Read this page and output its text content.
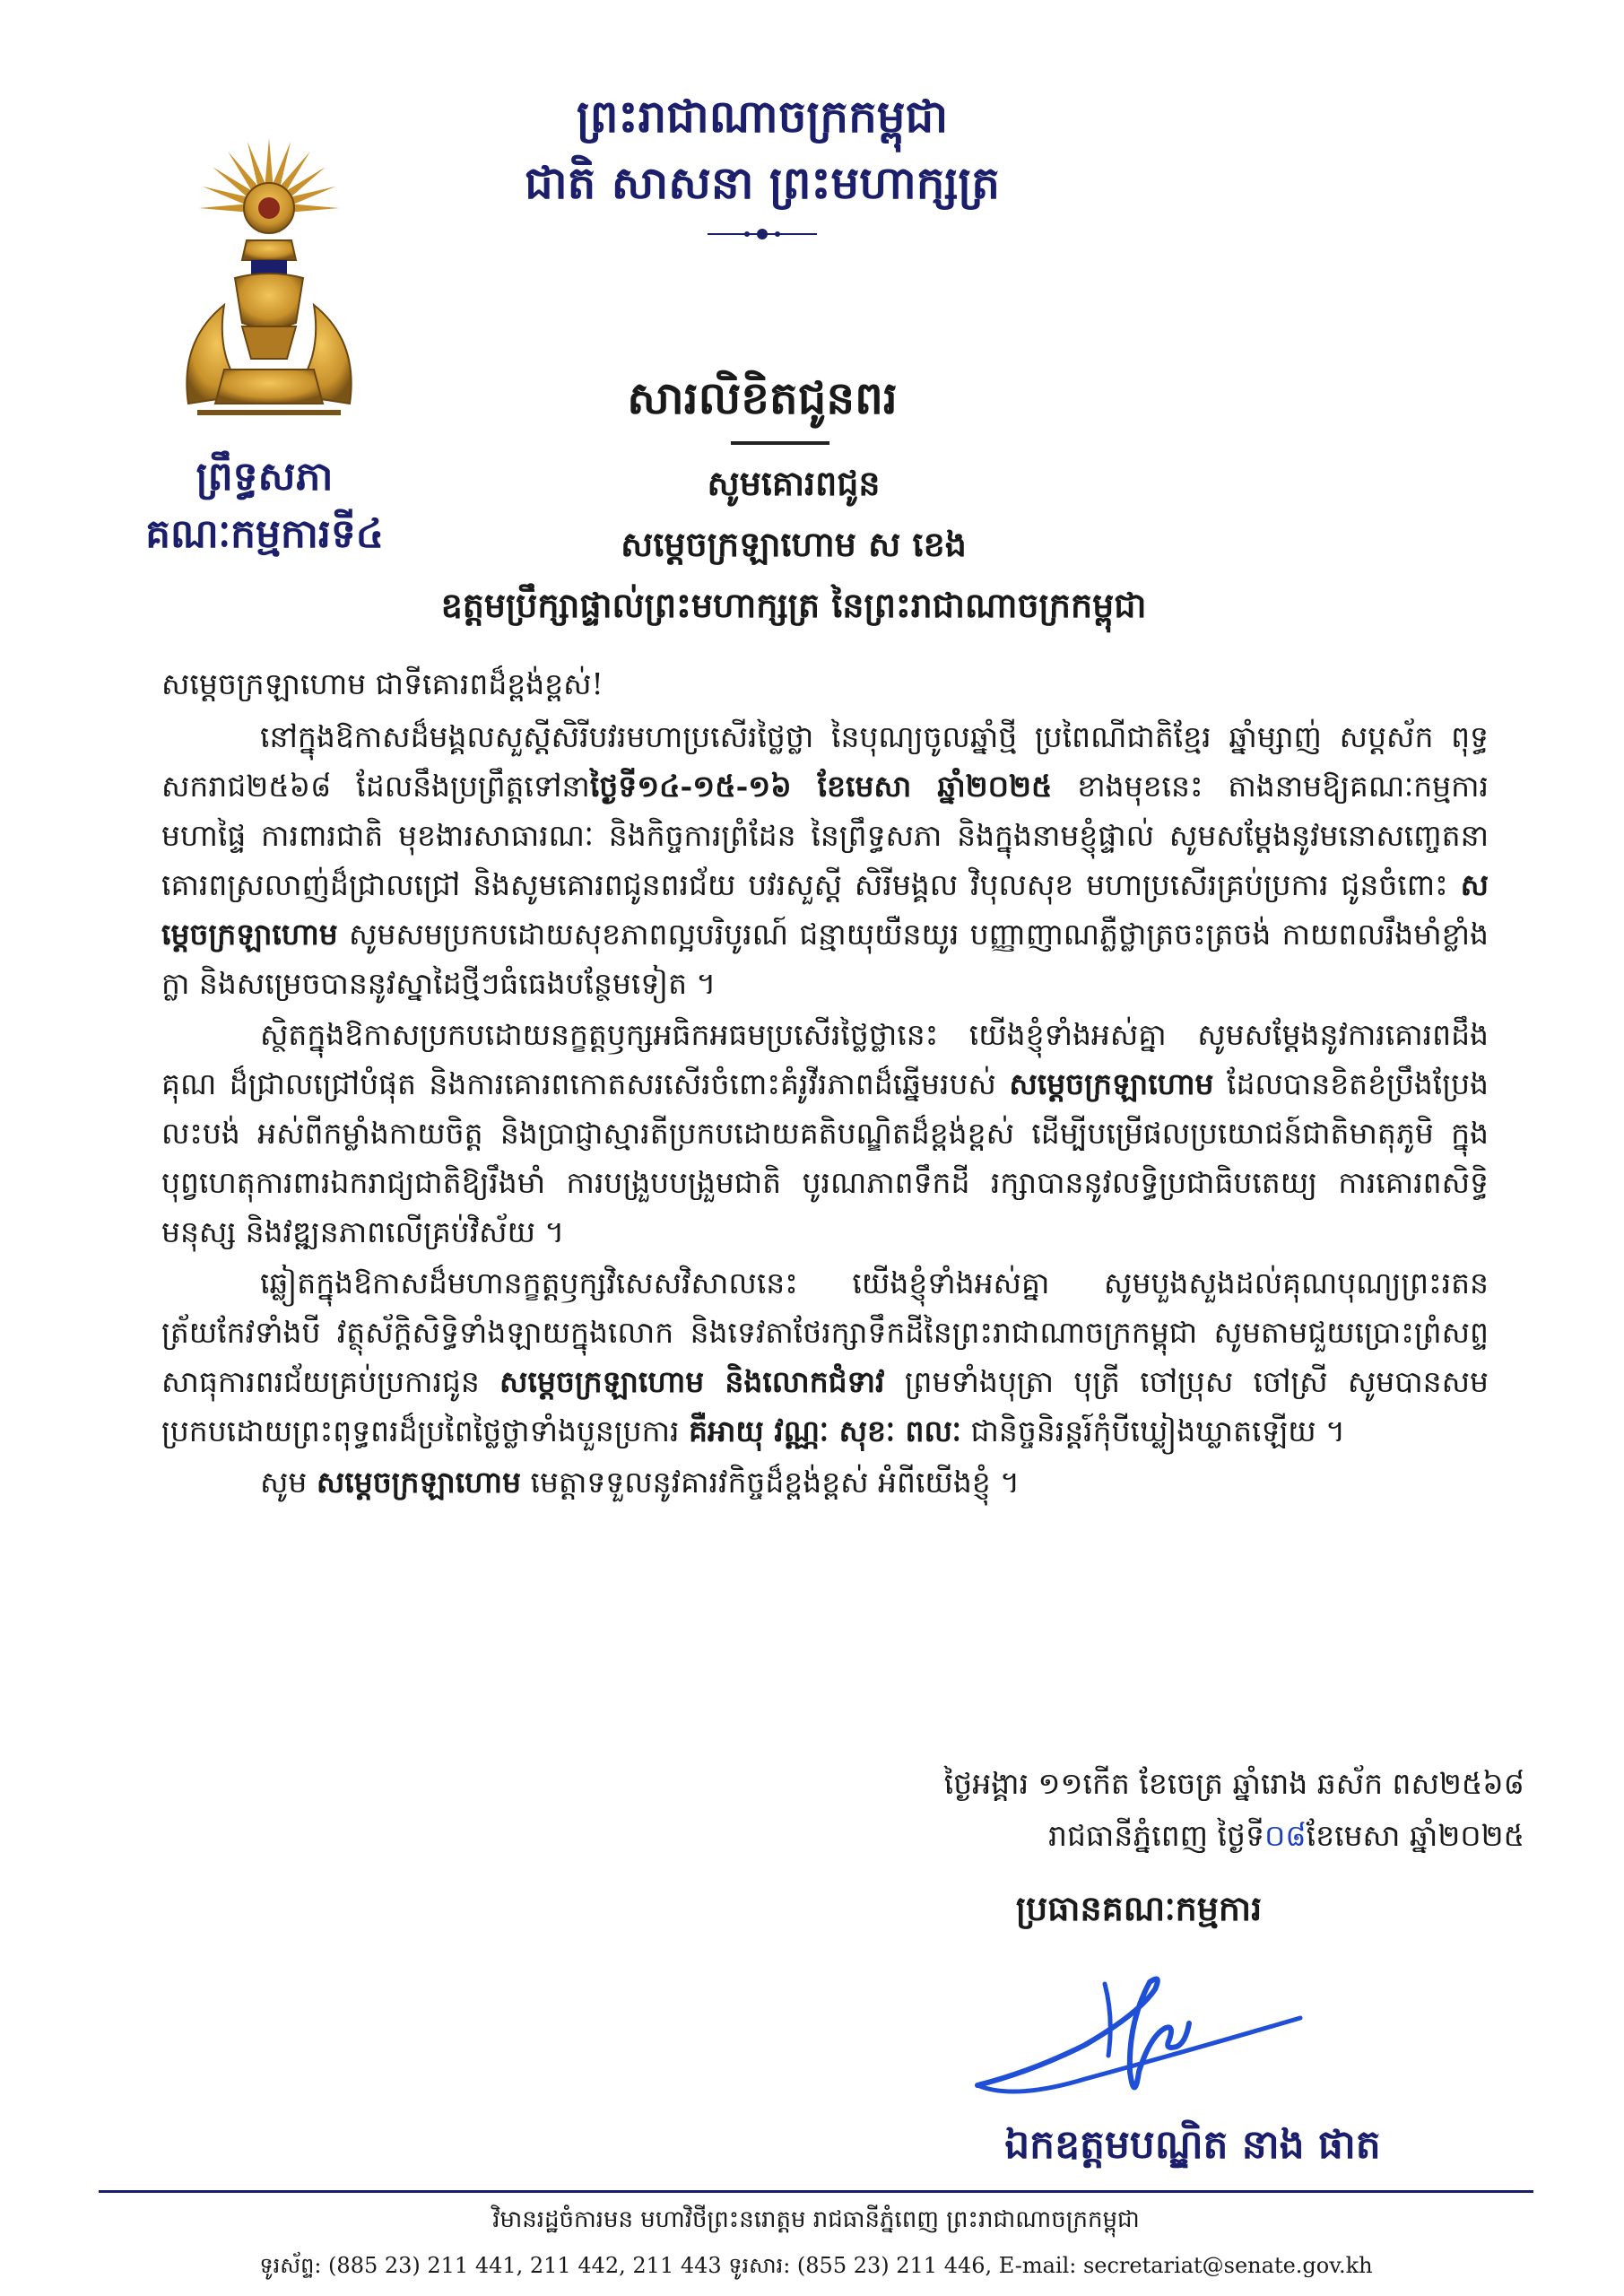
ព្រះរាជាណាចក្រកម្ពុជា
ជាតិ សាសនា ព្រះមហាក្សត្រ
ព្រឹទ្ធសភា
គណៈកម្មការទី៤
សារលិខិតជូនពរ
សូមគោរពជូន
សម្តេចក្រឡាហោម ស ខេង
ឧត្តមប្រឹក្សាផ្ទាល់ព្រះមហាក្សត្រ នៃព្រះរាជាណាចក្រកម្ពុជា

សម្តេចក្រឡាហោម ជាទីគោរពដ៏ខ្ពង់ខ្ពស់!

នៅក្នុងឱកាសដ៏មង្គលសួស្តីសិរីបវរមហាប្រសើរថ្លៃថ្លា នៃបុណ្យចូលឆ្នាំថ្មី ប្រពៃណីជាតិខ្មែរ ឆ្នាំម្សាញ់ សប្តស័ក ពុទ្ធសករាជ២៥៦៨ ដែលនឹងប្រព្រឹត្តទៅនាថ្ងៃទី១៤-១៥-១៦ ខែមេសា ឆ្នាំ២០២៥ ខាងមុខនេះ តាងនាមឱ្យគណៈកម្មការមហាផ្ទៃ ការពារជាតិ មុខងារសាធារណៈ និងកិច្ចការព្រំដែន នៃព្រឹទ្ធសភា និងក្នុងនាមខ្ញុំផ្ទាល់ សូមសម្តែងនូវមនោសញ្ចេតនាគោរពស្រលាញ់ដ៏ជ្រាលជ្រៅ និងសូមគោរពជូនពរជ័យ បវរសួស្តី សិរីមង្គល វិបុលសុខ មហាប្រសើរគ្រប់ប្រការ ជូនចំពោះ សម្តេចក្រឡាហោម សូមសមប្រកបដោយសុខភាពល្អបរិបូរណ៍ ជន្មាយុយឺនយូរ បញ្ញាញាណភ្លឺថ្លាត្រចះត្រចង់ កាយពលរឹងមាំខ្លាំងក្លា និងសម្រេចបាននូវស្នាដៃថ្មីៗធំធេងបន្ថែមទៀត ។

ស្ថិតក្នុងឱកាសប្រកបដោយនក្ខត្តឫក្សអធិកអធមប្រសើរថ្លៃថ្លានេះ យើងខ្ញុំទាំងអស់គ្នា សូមសម្តែងនូវការគោរពដឹងគុណ ដ៏ជ្រាលជ្រៅបំផុត និងការគោរពកោតសរសើរចំពោះគំរូវីរភាពដ៏ឆ្នើមរបស់ សម្តេចក្រឡាហោម ដែលបានខិតខំប្រឹងប្រែងលះបង់ អស់ពីកម្លាំងកាយចិត្ត និងប្រាជ្ញាស្មារតីប្រកបដោយគតិបណ្ឌិតដ៏ខ្ពង់ខ្ពស់ ដើម្បីបម្រើផលប្រយោជន៍ជាតិមាតុភូមិ ក្នុងបុព្វហេតុការពារឯករាជ្យជាតិឱ្យរឹងមាំ ការបង្រួបបង្រួមជាតិ បូរណភាពទឹកដី រក្សាបាននូវលទ្ធិប្រជាធិបតេយ្យ ការគោរពសិទ្ធិមនុស្ស និងវឌ្ឍនភាពលើគ្រប់វិស័យ ។

ឆ្លៀតក្នុងឱកាសដ៏មហានក្ខត្តឫក្សវិសេសវិសាលនេះ យើងខ្ញុំទាំងអស់គ្នា សូមបួងសួងដល់គុណបុណ្យព្រះរតនត្រ័យកែវទាំងបី វត្ថុស័ក្តិសិទ្ធិទាំងឡាយក្នុងលោក និងទេវតាថែរក្សាទឹកដីនៃព្រះរាជាណាចក្រកម្ពុជា សូមតាមជួយប្រោះព្រំសព្ទសាធុការពរជ័យគ្រប់ប្រការជូន សម្តេចក្រឡាហោម និងលោកជំទាវ ព្រមទាំងបុត្រា បុត្រី ចៅប្រុស ចៅស្រី សូមបានសមប្រកបដោយព្រះពុទ្ធពរដ៏ប្រពៃថ្លៃថ្លាទាំងបួនប្រការ គឺអាយុ វណ្ណៈ សុខៈ ពលៈ ជានិច្ចនិរន្តរ៍កុំបីឃ្លៀងឃ្លាតឡើយ ។

សូម សម្តេចក្រឡាហោម មេត្តាទទួលនូវគារវកិច្ចដ៏ខ្ពង់ខ្ពស់ អំពីយើងខ្ញុំ ។

ថ្ងៃអង្គារ ១១កើត ខែចេត្រ ឆ្នាំរោង ឆស័ក ពស២៥៦៨
រាជធានីភ្នំពេញ ថ្ងៃទី០៨ខែមេសា ឆ្នាំ២០២៥
ប្រធានគណៈកម្មការ
ឯកឧត្តមបណ្ឌិត នាង ផាត
វិមានរដ្ឋចំការមន មហាវិថីព្រះនរោត្តម រាជធានីភ្នំពេញ ព្រះរាជាណាចក្រកម្ពុជា
ទូរស័ព្ទ: (885 23) 211 441, 211 442, 211 443 ទូរសារ: (855 23) 211 446, E-mail: secretariat@senate.gov.kh
